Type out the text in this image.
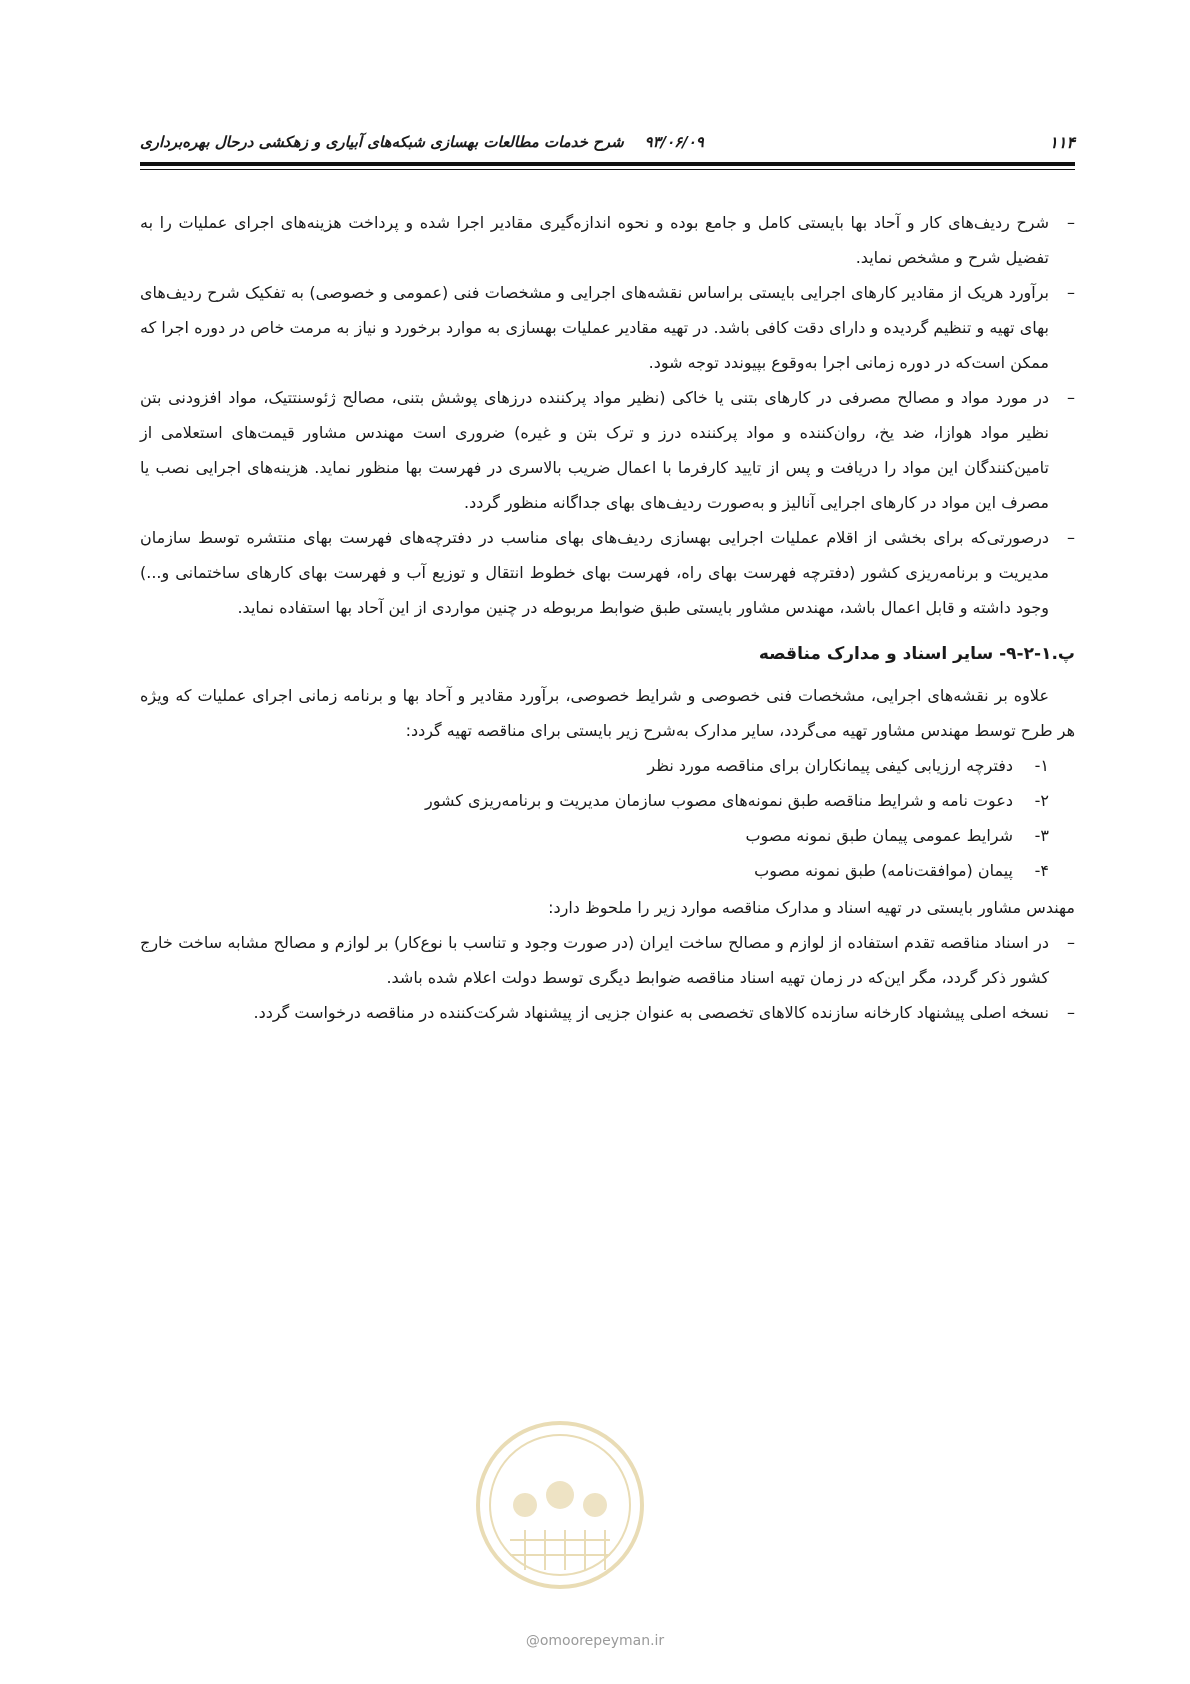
۱۱۴
۹۳/۰۶/۰۹    شرح خدمات مطالعات بهسازی شبکه‌های آبیاری و زهکشی درحال بهره‌برداری
–
شرح ردیف‌های کار و آحاد بها بایستی کامل و جامع بوده و نحوه اندازه‌گیری مقادیر اجرا شده و پرداخت هزینه‌های اجرای عملیات را به تفضیل شرح و مشخص نماید.
–
برآورد هریک از مقادیر کارهای اجرایی بایستی براساس نقشه‌های اجرایی و مشخصات فنی (عمومی و خصوصی) به تفکیک شرح ردیف‌های بهای تهیه و تنظیم گردیده و دارای دقت کافی باشد. در تهیه مقادیر عملیات بهسازی به موارد برخورد و نیاز به مرمت خاص در دوره اجرا که ممکن است‌که در دوره زمانی اجرا به‌وقوع بپیوندد توجه شود.
–
در مورد مواد و مصالح مصرفی در کارهای بتنی یا خاکی (نظیر مواد پرکننده درزهای پوشش بتنی، مصالح ژئوسنتتیک، مواد افزودنی بتن نظیر مواد هوازا، ضد یخ، روان‌کننده و مواد پرکننده درز و ترک بتن و غیره) ضروری است مهندس مشاور قیمت‌های استعلامی از تامین‌کنندگان این مواد را دریافت و پس از تایید کارفرما با اعمال ضریب بالاسری در فهرست بها منظور نماید. هزینه‌های اجرایی نصب یا مصرف این مواد در کارهای اجرایی آنالیز و به‌صورت ردیف‌های بهای جداگانه منظور گردد.
–
درصورتی‌که برای بخشی از اقلام عملیات اجرایی بهسازی ردیف‌های بهای مناسب در دفترچه‌های فهرست بهای منتشره توسط سازمان مدیریت و برنامه‌ریزی کشور (دفترچه فهرست بهای راه، فهرست بهای خطوط انتقال و توزیع آب و فهرست بهای کارهای ساختمانی و...) وجود داشته و قابل اعمال باشد، مهندس مشاور بایستی طبق ضوابط مربوطه در چنین مواردی از این آحاد بها استفاده نماید.
پ.۱-۲-۹- سایر اسناد و مدارک مناقصه
علاوه بر نقشه‌های اجرایی، مشخصات فنی خصوصی و شرایط خصوصی، برآورد مقادیر و آحاد بها و برنامه زمانی اجرای عملیات که ویژه هر طرح توسط مهندس مشاور تهیه می‌گردد، سایر مدارک به‌شرح زیر بایستی برای مناقصه تهیه گردد:
۱-
دفترچه ارزیابی کیفی پیمانکاران برای مناقصه مورد نظر
۲-
دعوت نامه و شرایط مناقصه طبق نمونه‌های مصوب سازمان مدیریت و برنامه‌ریزی کشور
۳-
شرایط عمومی پیمان طبق نمونه مصوب
۴-
پیمان (موافقت‌نامه) طبق نمونه مصوب
مهندس مشاور بایستی در تهیه اسناد و مدارک مناقصه موارد زیر را ملحوظ دارد:
–
در اسناد مناقصه تقدم استفاده از لوازم و مصالح ساخت ایران (در صورت وجود و تناسب با نوع‌کار) بر لوازم و مصالح مشابه ساخت خارج کشور ذکر گردد، مگر این‌که در زمان تهیه اسناد مناقصه ضوابط دیگری توسط دولت اعلام شده باشد.
–
نسخه اصلی پیشنهاد کارخانه سازنده کالاهای تخصصی به عنوان جزیی از پیشنهاد شرکت‌کننده در مناقصه درخواست گردد.
@omoorepeyman.ir
